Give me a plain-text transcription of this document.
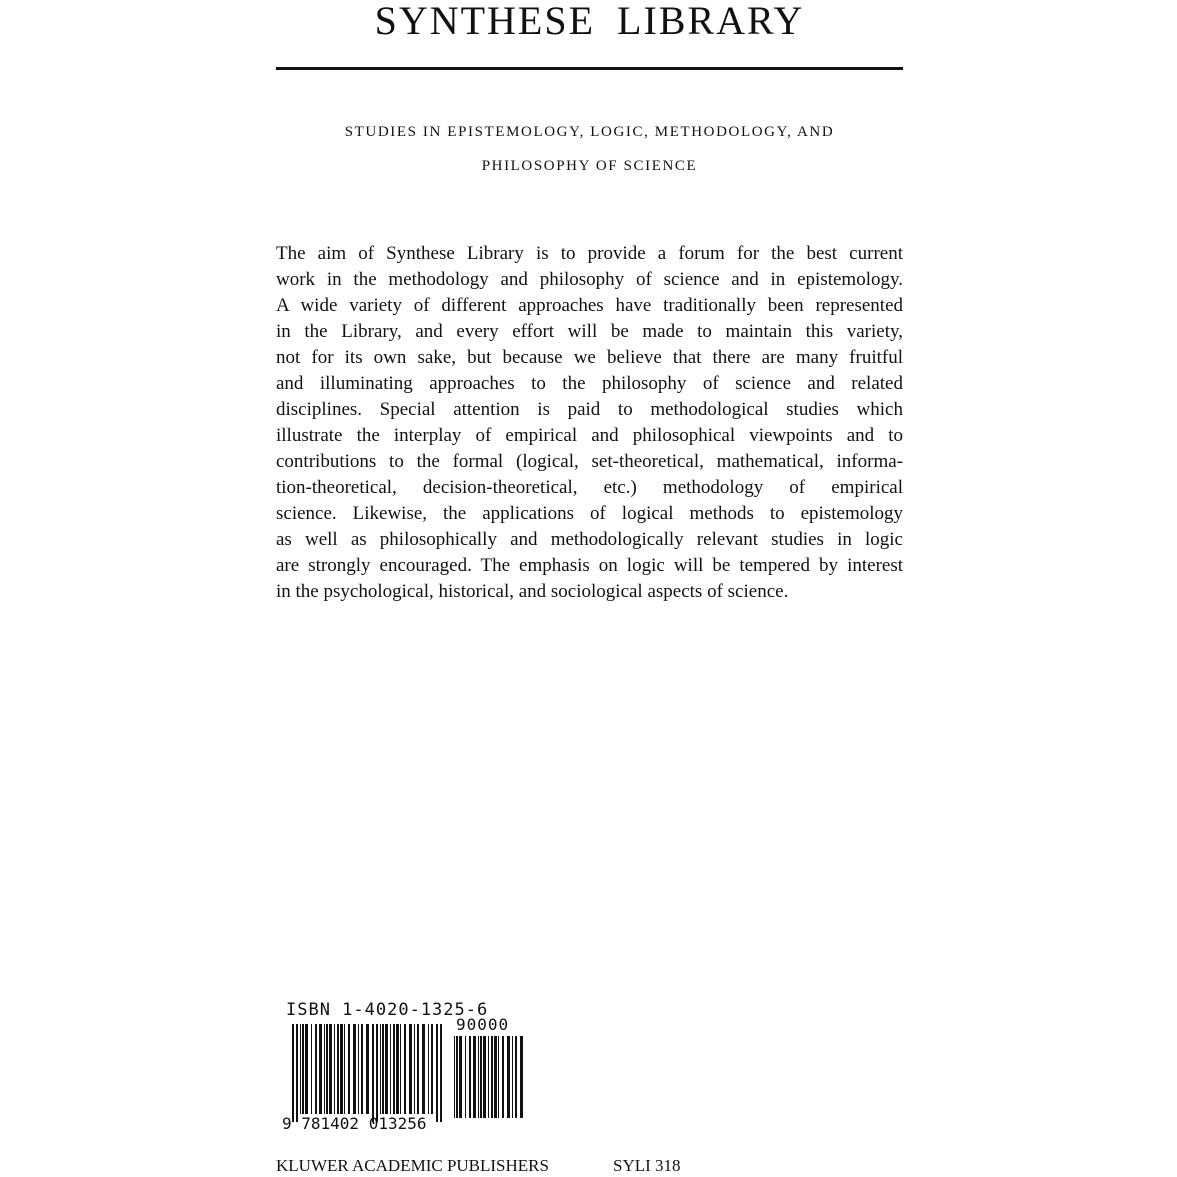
SYNTHESE LIBRARY
STUDIES IN EPISTEMOLOGY, LOGIC, METHODOLOGY, AND
PHILOSOPHY OF SCIENCE
The aim of Synthese Library is to provide a forum for the best current
work in the methodology and philosophy of science and in epistemology.
A wide variety of different approaches have traditionally been represented
in the Library, and every effort will be made to maintain this variety,
not for its own sake, but because we believe that there are many fruitful
and illuminating approaches to the philosophy of science and related
disciplines. Special attention is paid to methodological studies which
illustrate the interplay of empirical and philosophical viewpoints and to
contributions to the formal (logical, set-theoretical, mathematical, informa-
tion-theoretical, decision-theoretical, etc.) methodology of empirical
science. Likewise, the applications of logical methods to epistemology
as well as philosophically and methodologically relevant studies in logic
are strongly encouraged. The emphasis on logic will be tempered by interest
in the psychological, historical, and sociological aspects of science.
ISBN 1-4020-1325-6
90000
9 781402 013256
KLUWER ACADEMIC PUBLISHERS	SYLI 318
